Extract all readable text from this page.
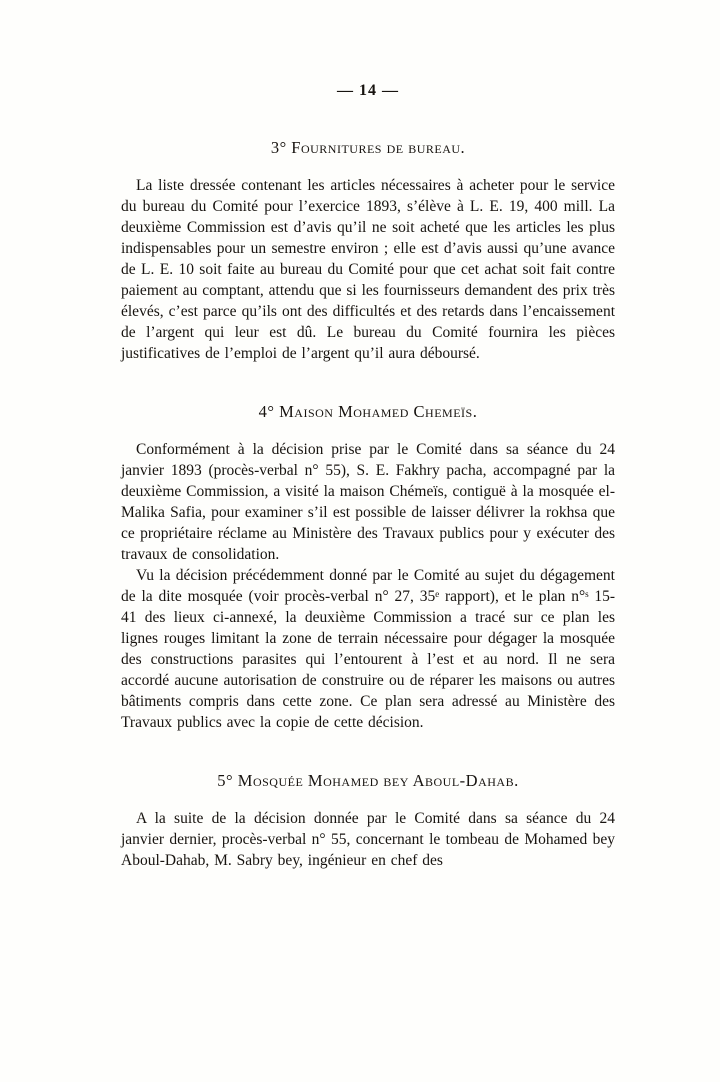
— 14 —
3° Fournitures de bureau.

La liste dressée contenant les articles nécessaires à acheter pour le service du bureau du Comité pour l’exercice 1893, s’élève à L. E. 19, 400 mill. La deuxième Commission est d’avis qu’il ne soit acheté que les articles les plus indispensables pour un semestre environ ; elle est d’avis aussi qu’une avance de L. E. 10 soit faite au bureau du Comité pour que cet achat soit fait contre paiement au comptant, attendu que si les fournisseurs demandent des prix très élevés, c’est parce qu’ils ont des difficultés et des retards dans l’encaissement de l’argent qui leur est dû. Le bureau du Comité fournira les pièces justificatives de l’emploi de l’argent qu’il aura déboursé.

4° Maison Mohamed Chemeïs.

Conformément à la décision prise par le Comité dans sa séance du 24 janvier 1893 (procès-verbal n° 55), S. E. Fakhry pacha, accompagné par la deuxième Commission, a visité la maison Chémeïs, contiguë à la mosquée el-Malika Safia, pour examiner s’il est possible de laisser délivrer la rokhsa que ce propriétaire réclame au Ministère des Travaux publics pour y exécuter des travaux de consolidation.

Vu la décision précédemment donné par le Comité au sujet du dégagement de la dite mosquée (voir procès-verbal n° 27, 35ᵉ rapport), et le plan n°ˢ 15-41 des lieux ci-annexé, la deuxième Commission a tracé sur ce plan les lignes rouges limitant la zone de terrain nécessaire pour dégager la mosquée des constructions parasites qui l’entourent à l’est et au nord. Il ne sera accordé aucune autorisation de construire ou de réparer les maisons ou autres bâtiments compris dans cette zone. Ce plan sera adressé au Ministère des Travaux publics avec la copie de cette décision.

5° Mosquée Mohamed bey Aboul-Dahab.

A la suite de la décision donnée par le Comité dans sa séance du 24 janvier dernier, procès-verbal n° 55, concernant le tombeau de Mohamed bey Aboul-Dahab, M. Sabry bey, ingénieur en chef des
